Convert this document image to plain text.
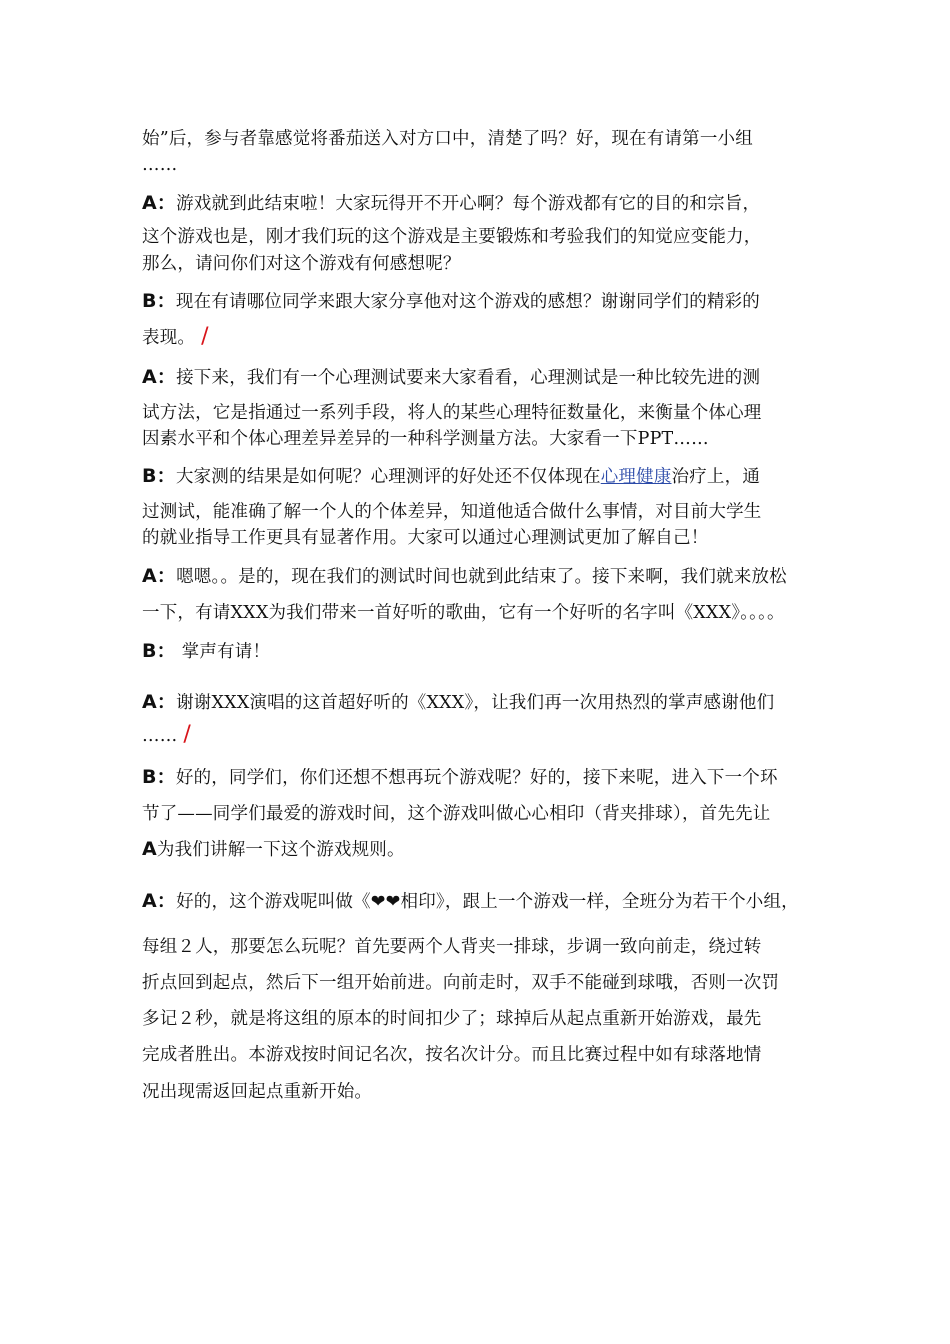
始”后，参与者靠感觉将番茄送入对方口中，清楚了吗？好，现在有请第一小组
……
A：游戏就到此结束啦！大家玩得开不开心啊？每个游戏都有它的目的和宗旨，
这个游戏也是，刚才我们玩的这个游戏是主要锻炼和考验我们的知觉应变能力，
那么，请问你们对这个游戏有何感想呢？
B：现在有请哪位同学来跟大家分享他对这个游戏的感想？谢谢同学们的精彩的
表现。 /
A：接下来，我们有一个心理测试要来大家看看，心理测试是一种比较先进的测
试方法，它是指通过一系列手段，将人的某些心理特征数量化，来衡量个体心理
因素水平和个体心理差异差异的一种科学测量方法。大家看一下PPT……
B：大家测的结果是如何呢？心理测评的好处还不仅体现在心理健康治疗上，通
过测试，能准确了解一个人的个体差异，知道他适合做什么事情，对目前大学生
的就业指导工作更具有显著作用。大家可以通过心理测试更加了解自己！
A：嗯嗯。。是的，现在我们的测试时间也就到此结束了。接下来啊，我们就来放松
一下，有请XXX为我们带来一首好听的歌曲，它有一个好听的名字叫《XXX》。。。。
B： 掌声有请！
A：谢谢XXX演唱的这首超好听的《XXX》，让我们再一次用热烈的掌声感谢他们
…… /
B：好的，同学们，你们还想不想再玩个游戏呢？好的，接下来呢，进入下一个环
节了——同学们最爱的游戏时间，这个游戏叫做心心相印（背夹排球），首先先让
A为我们讲解一下这个游戏规则。
A：好的，这个游戏呢叫做《❤❤相印》，跟上一个游戏一样，全班分为若干个小组，
每组２人，那要怎么玩呢？首先要两个人背夹一排球，步调一致向前走，绕过转
折点回到起点，然后下一组开始前进。向前走时，双手不能碰到球哦，否则一次罚
多记２秒，就是将这组的原本的时间扣少了；球掉后从起点重新开始游戏，最先
完成者胜出。本游戏按时间记名次，按名次计分。而且比赛过程中如有球落地情
况出现需返回起点重新开始。
